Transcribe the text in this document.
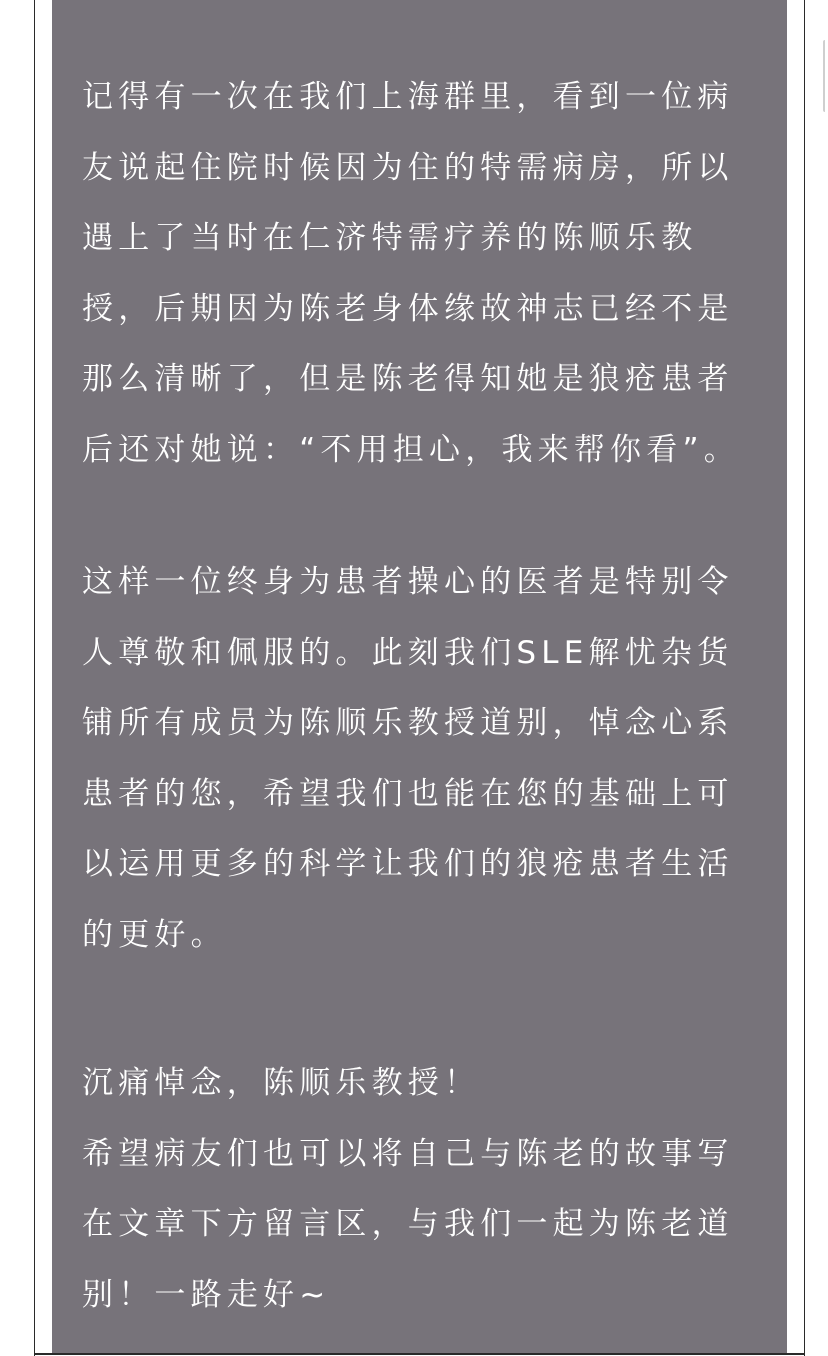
记得有一次在我们上海群里，看到一位病
友说起住院时候因为住的特需病房，所以
遇上了当时在仁济特需疗养的陈顺乐教
授，后期因为陈老身体缘故神志已经不是
那么清晰了，但是陈老得知她是狼疮患者
后还对她说：“不用担心，我来帮你看”。

这样一位终身为患者操心的医者是特别令
人尊敬和佩服的。此刻我们SLE解忧杂货
铺所有成员为陈顺乐教授道别，悼念心系
患者的您，希望我们也能在您的基础上可
以运用更多的科学让我们的狼疮患者生活
的更好。

沉痛悼念，陈顺乐教授！
希望病友们也可以将自己与陈老的故事写
在文章下方留言区，与我们一起为陈老道
别！一路走好~
